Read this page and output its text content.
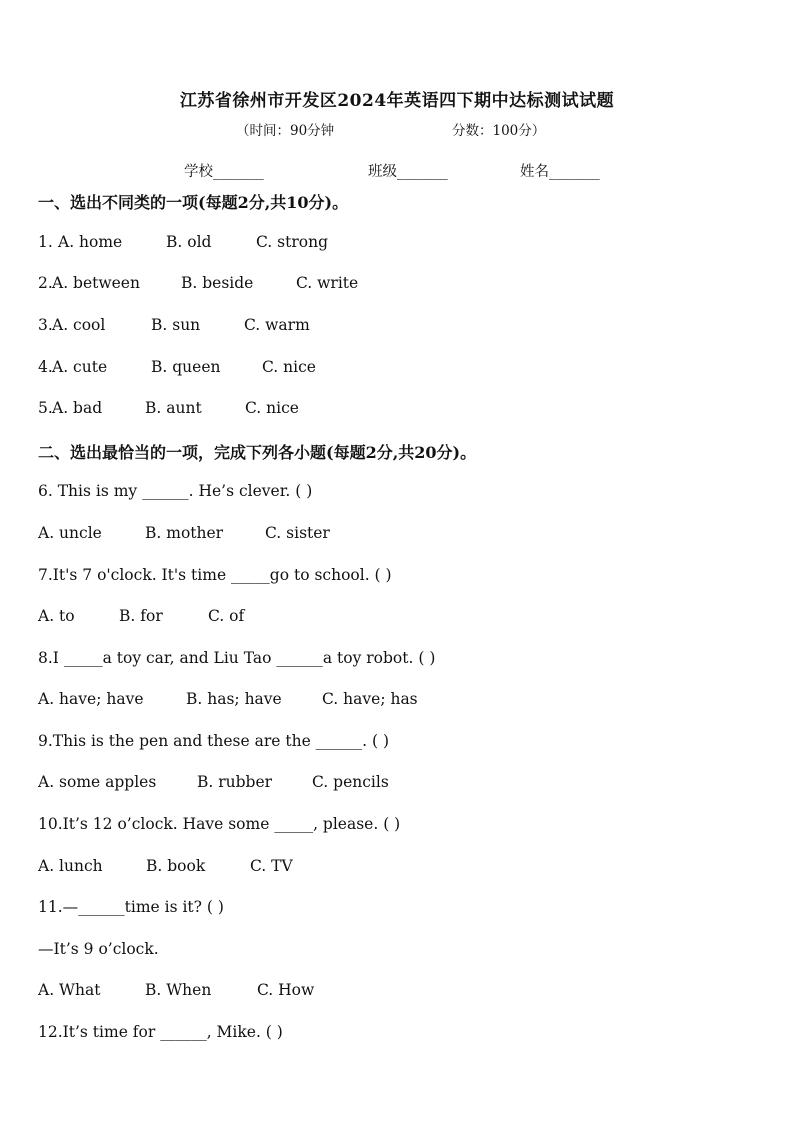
江苏省徐州市开发区2024年英语四下期中达标测试试题
（时间：90分钟	分数：100分）
学校_______	班级_______	姓名_______
一、选出不同类的一项(每题2分,共10分)。
1. A. home	B. old	C. strong
2. A. between	B. beside	C. write
3. A. cool	B. sun	C. warm
4. A. cute	B. queen	C. nice
5. A. bad	B. aunt	C. nice
二、选出最恰当的一项，完成下列各小题(每题2分,共20分)。
6. This is my ______. He’s clever. ( )
A. uncle	B. mother	C. sister
7.It's 7 o'clock. It's time _____go to school. ( )
A. to	B. for	C. of
8.I _____a toy car, and Liu Tao ______a toy robot. ( )
A. have; have	B. has; have	C. have; has
9.This is the pen and these are the ______. ( )
A. some apples	B. rubber	C. pencils
10.It’s 12 o’clock. Have some _____, please. ( )
A. lunch	B. book	C. TV
11.—______time is it? ( )
—It’s 9 o’clock.
A. What	B. When	C. How
12.It’s time for ______, Mike. ( )
